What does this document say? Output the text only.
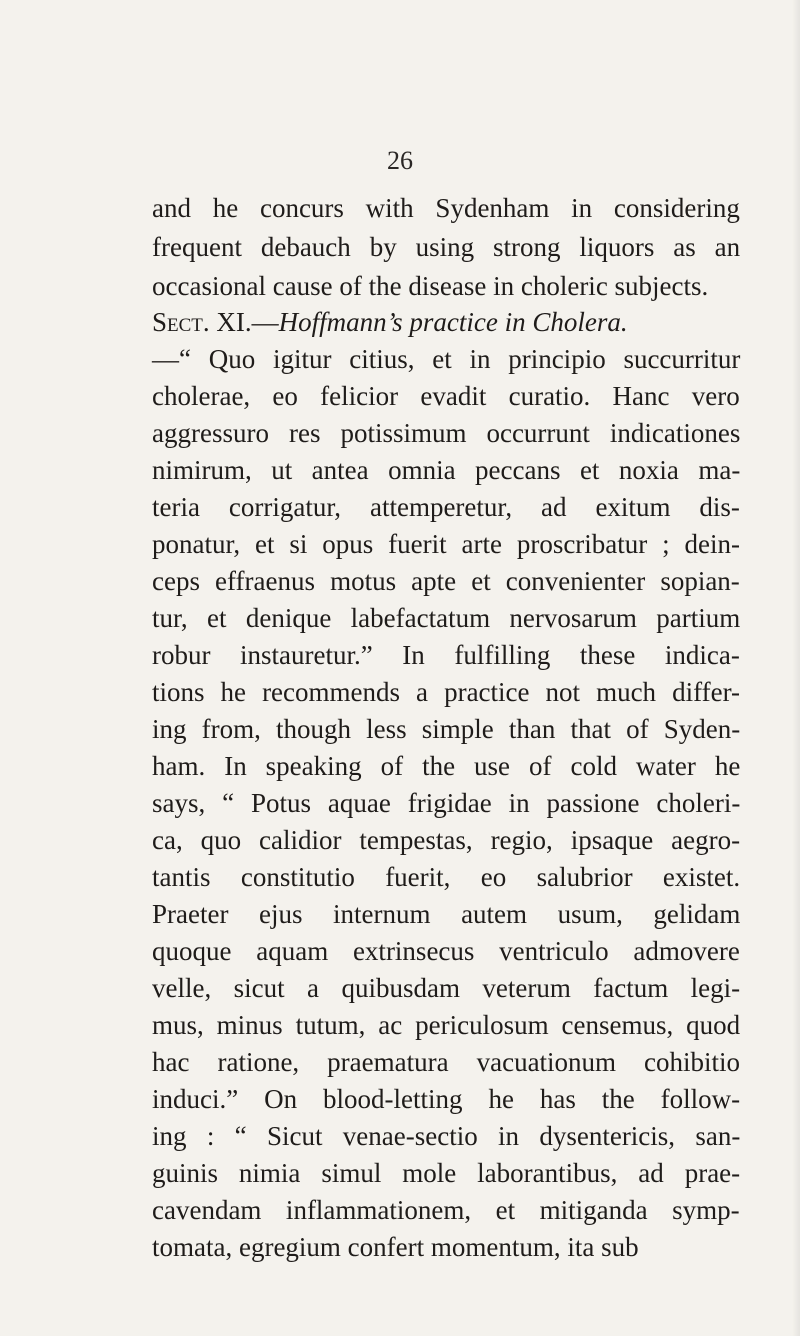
26
and he concurs with Sydenham in considering
frequent debauch by using strong liquors as an
occasional cause of the disease in choleric subjects.
—“ Quo igitur citius, et in principio succurritur
cholerae, eo felicior evadit curatio. Hanc vero
aggressuro res potissimum occurrunt indicationes
nimirum, ut antea omnia peccans et noxia ma-
teria corrigatur, attemperetur, ad exitum dis-
ponatur, et si opus fuerit arte proscribatur ; dein-
ceps effraenus motus apte et convenienter sopian-
tur, et denique labefactatum nervosarum partium
robur instauretur.” In fulfilling these indica-
tions he recommends a practice not much differ-
ing from, though less simple than that of Syden-
ham. In speaking of the use of cold water he
says, “ Potus aquae frigidae in passione choleri-
ca, quo calidior tempestas, regio, ipsaque aegro-
tantis constitutio fuerit, eo salubrior existet.
Praeter ejus internum autem usum, gelidam
quoque aquam extrinsecus ventriculo admovere
velle, sicut a quibusdam veterum factum legi-
mus, minus tutum, ac periculosum censemus, quod
hac ratione, praematura vacuationum cohibitio
induci.” On blood-letting he has the follow-
ing : “ Sicut venae-sectio in dysentericis, san-
guinis nimia simul mole laborantibus, ad prae-
cavendam inflammationem, et mitiganda symp-
tomata, egregium confert momentum, ita sub
Sect. XI.—Hoffmann’s practice in Cholera.
